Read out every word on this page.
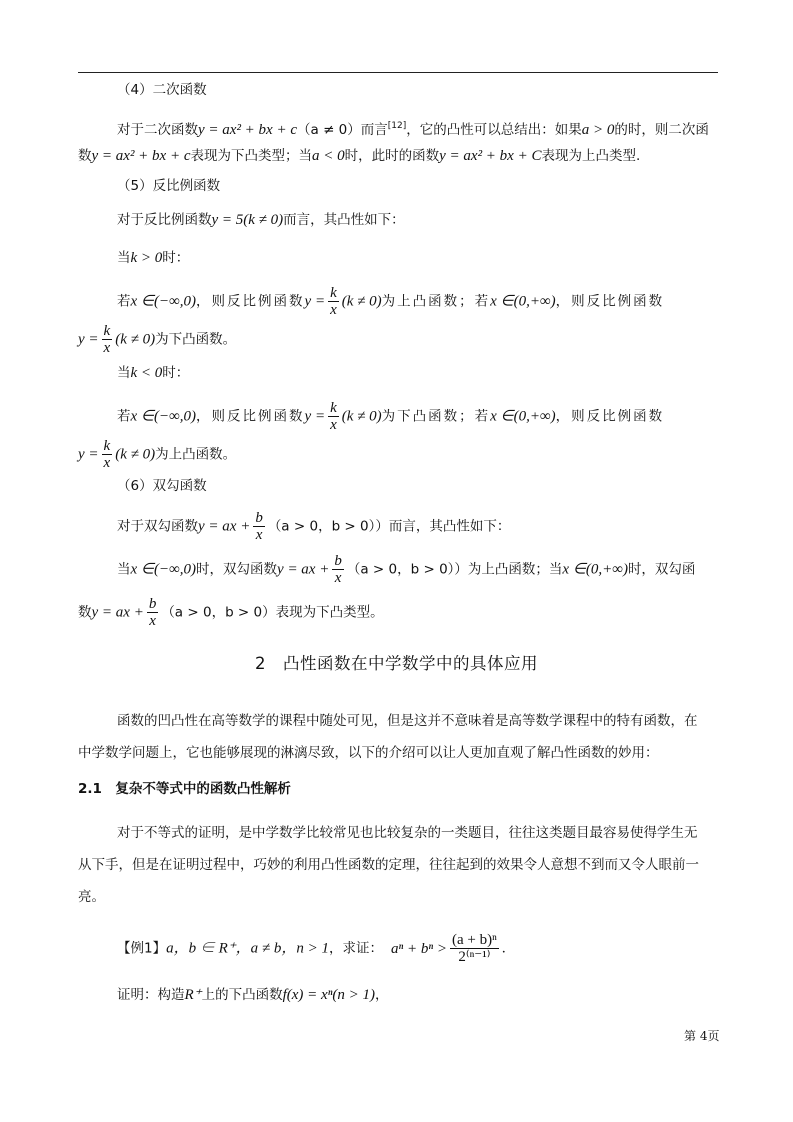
（4）二次函数
对于二次函数y = ax² + bx + c（a ≠ 0）而言[12]，它的凸性可以总结出：如果a > 0的时，则二次函
数y = ax² + bx + c表现为下凸类型；当a < 0时，此时的函数y = ax² + bx + C表现为上凸类型.
（5）反比例函数
对于反比例函数y = 5(k ≠ 0)而言，其凸性如下：
当k > 0时：
若x ∈(−∞,0)，则反比例函数$y = \frac{k}{x} (k \ne 0)$为上凸函数；若x ∈(0,+∞)，则反比例函数
$y = \frac{k}{x} (k \ne 0)$为下凸函数。
当k < 0时：
若x ∈(−∞,0)，则反比例函数$y = \frac{k}{x} (k \ne 0)$为下凸函数；若x ∈(0,+∞)，则反比例函数
$y = \frac{k}{x} (k \ne 0)$为上凸函数。
（6）双勾函数
对于双勾函数y = ax + $\frac{b}{x} (a > 0$，b > 0））而言，其凸性如下：
当x ∈(−∞,0)时，双勾函数y = ax + $\frac{b}{x} (a > 0$，b > 0））为上凸函数；当x ∈(0,+∞)时，双勾函
数y = ax + $\frac{b}{x} (a > 0$，b > 0）表现为下凸类型。
2　凸性函数在中学数学中的具体应用
函数的凹凸性在高等数学的课程中随处可见，但是这并不意味着是高等数学课程中的特有函数，在
中学数学问题上，它也能够展现的淋漓尽致，以下的介绍可以让人更加直观了解凸性函数的妙用：
2.1　复杂不等式中的函数凸性解析
对于不等式的证明，是中学数学比较常见也比较复杂的一类题目，往往这类题目最容易使得学生无
从下手，但是在证明过程中，巧妙的利用凸性函数的定理，往往起到的效果令人意想不到而又令人眼前一
亮。
【例1】a，b ∈ R⁺，a ≠ b，n > 1，求证： $a^n + b^n > \frac{\text{(a + b)ⁿ}}{\text{2⁽ⁿ⁻¹⁾}}$ .
证明：构造R⁺上的下凸函数f(x) = xⁿ(n > 1)，
第 4页
